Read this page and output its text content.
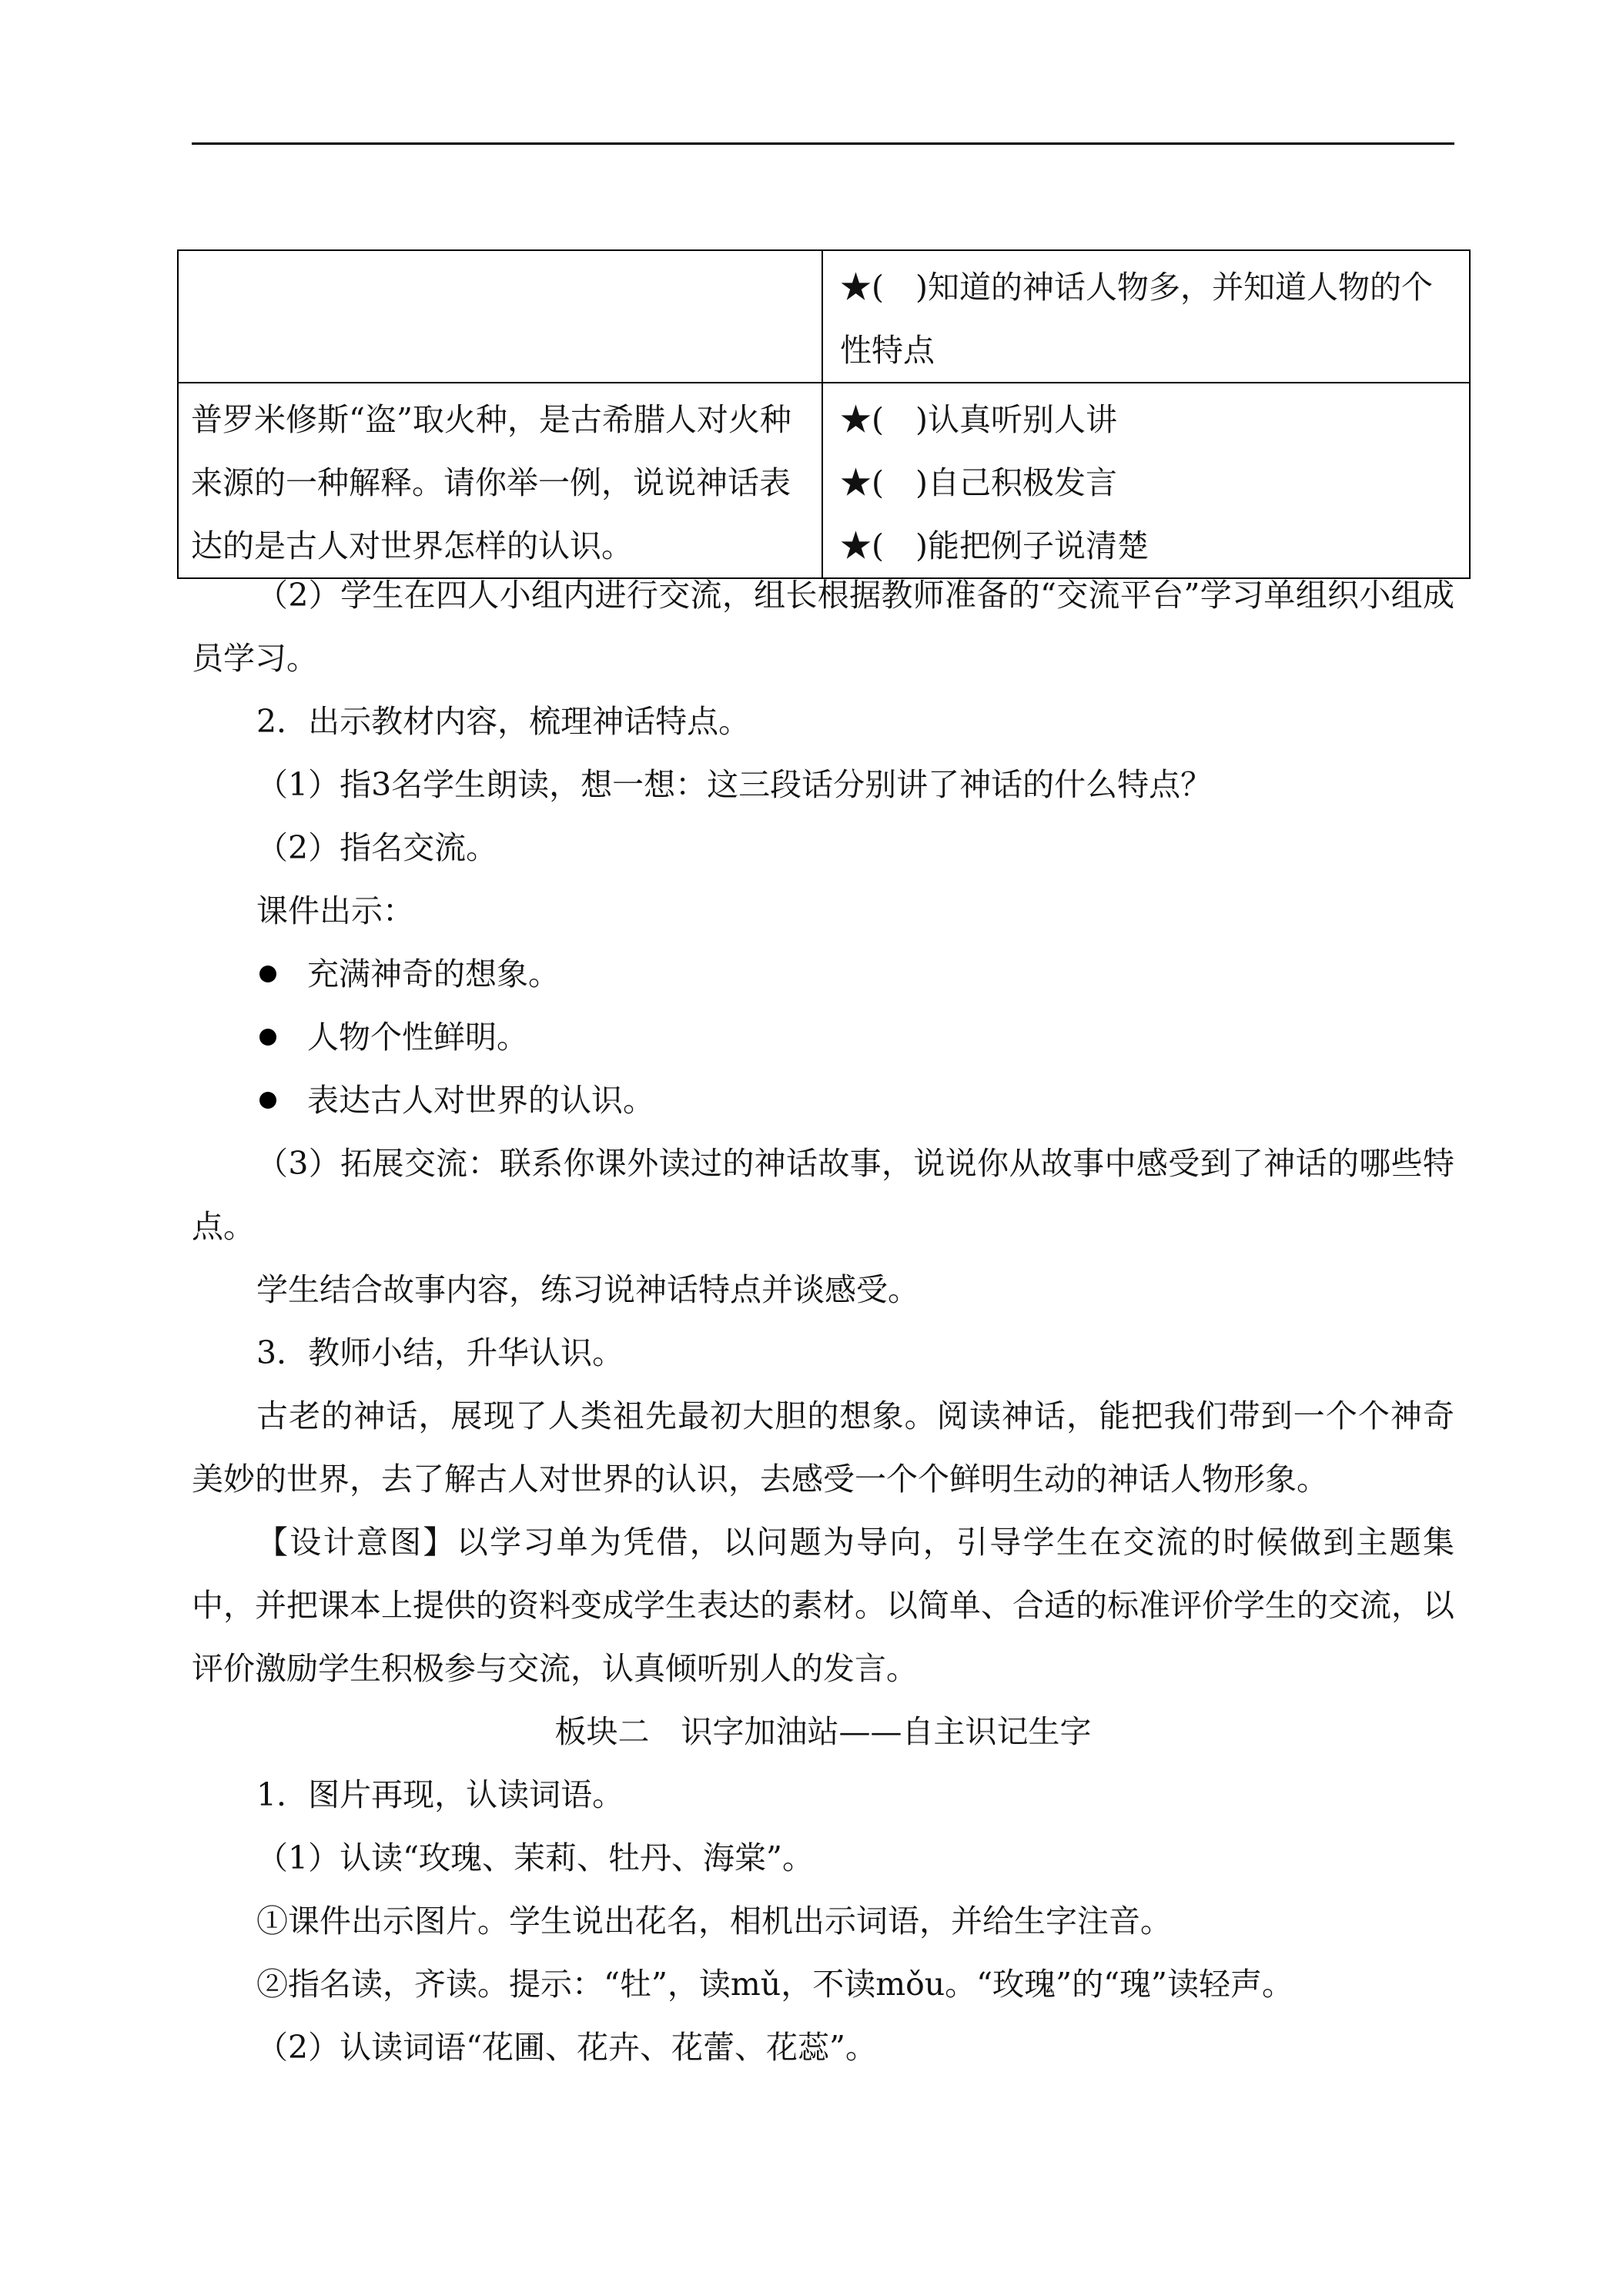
	★(　)知道的神话人物多，并知道人物的个性特点

普罗米修斯“盗”取火种，是古希腊人对火种来源的一种解释。请你举一例，说说神话表达的是古人对世界怎样的认识。	★(　)认真听别人讲
★(　)自己积极发言
★(　)能把例子说清楚
（2）学生在四人小组内进行交流，组长根据教师准备的“交流平台”学习单组织小组成员学习。
2．出示教材内容，梳理神话特点。
（1）指3名学生朗读，想一想：这三段话分别讲了神话的什么特点？
（2）指名交流。
课件出示：
充满神奇的想象。
人物个性鲜明。
表达古人对世界的认识。
（3）拓展交流：联系你课外读过的神话故事，说说你从故事中感受到了神话的哪些特点。
学生结合故事内容，练习说神话特点并谈感受。
3．教师小结，升华认识。
古老的神话，展现了人类祖先最初大胆的想象。阅读神话，能把我们带到一个个神奇美妙的世界，去了解古人对世界的认识，去感受一个个鲜明生动的神话人物形象。
【设计意图】以学习单为凭借，以问题为导向，引导学生在交流的时候做到主题集中，并把课本上提供的资料变成学生表达的素材。以简单、合适的标准评价学生的交流，以评价激励学生积极参与交流，认真倾听别人的发言。
板块二　识字加油站——自主识记生字
1．图片再现，认读词语。
（1）认读“玫瑰、茉莉、牡丹、海棠”。
①课件出示图片。学生说出花名，相机出示词语，并给生字注音。
②指名读，齐读。提示：“牡”，读mǔ，不读mǒu。“玫瑰”的“瑰”读轻声。
（2）认读词语“花圃、花卉、花蕾、花蕊”。
